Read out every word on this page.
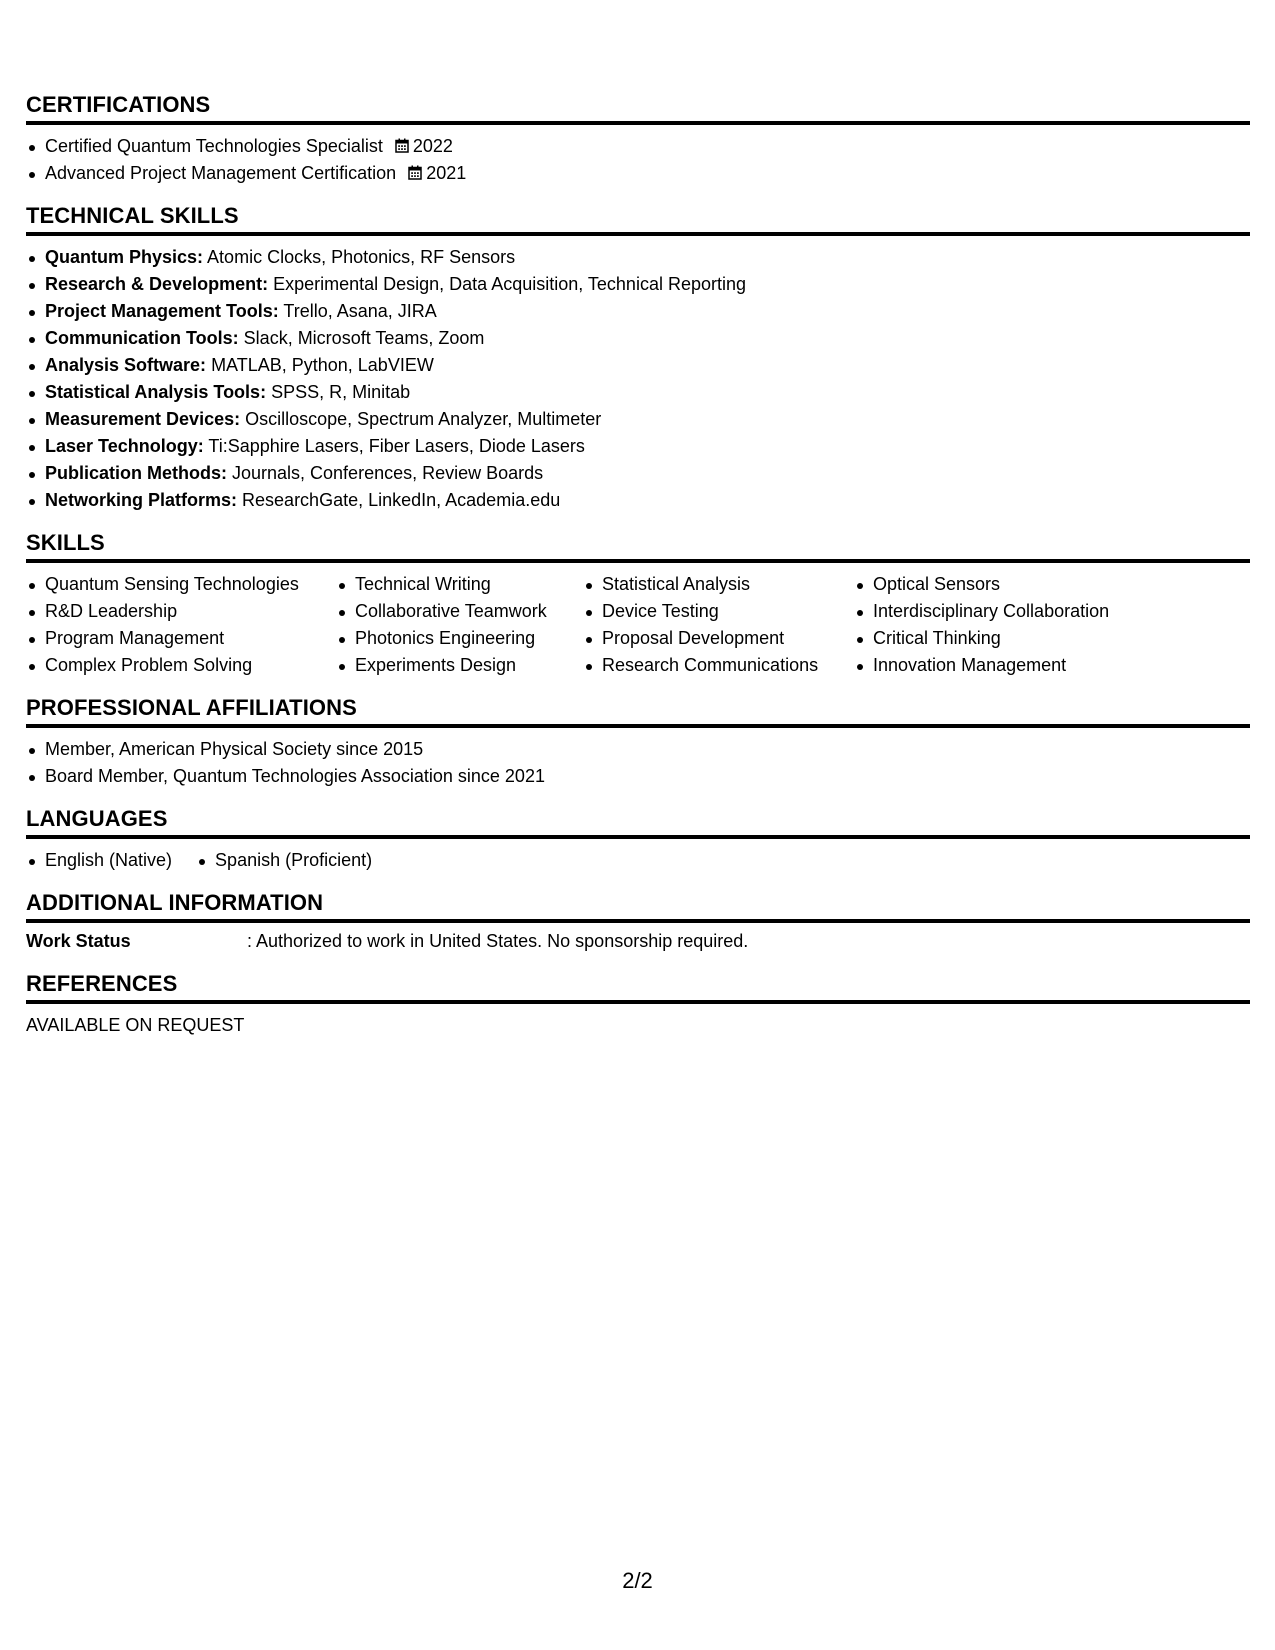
CERTIFICATIONS
Certified Quantum Technologies Specialist 2022
Advanced Project Management Certification 2021
TECHNICAL SKILLS
Quantum Physics: Atomic Clocks, Photonics, RF Sensors
Research & Development: Experimental Design, Data Acquisition, Technical Reporting
Project Management Tools: Trello, Asana, JIRA
Communication Tools: Slack, Microsoft Teams, Zoom
Analysis Software: MATLAB, Python, LabVIEW
Statistical Analysis Tools: SPSS, R, Minitab
Measurement Devices: Oscilloscope, Spectrum Analyzer, Multimeter
Laser Technology: Ti:Sapphire Lasers, Fiber Lasers, Diode Lasers
Publication Methods: Journals, Conferences, Review Boards
Networking Platforms: ResearchGate, LinkedIn, Academia.edu
SKILLS
Quantum Sensing Technologies
R&D Leadership
Program Management
Complex Problem Solving
Technical Writing
Collaborative Teamwork
Photonics Engineering
Experiments Design
Statistical Analysis
Device Testing
Proposal Development
Research Communications
Optical Sensors
Interdisciplinary Collaboration
Critical Thinking
Innovation Management
PROFESSIONAL AFFILIATIONS
Member, American Physical Society since 2015
Board Member, Quantum Technologies Association since 2021
LANGUAGES
English (Native)	Spanish (Proficient)
ADDITIONAL INFORMATION
Work Status	: Authorized to work in United States. No sponsorship required.
REFERENCES
AVAILABLE ON REQUEST
2/2
